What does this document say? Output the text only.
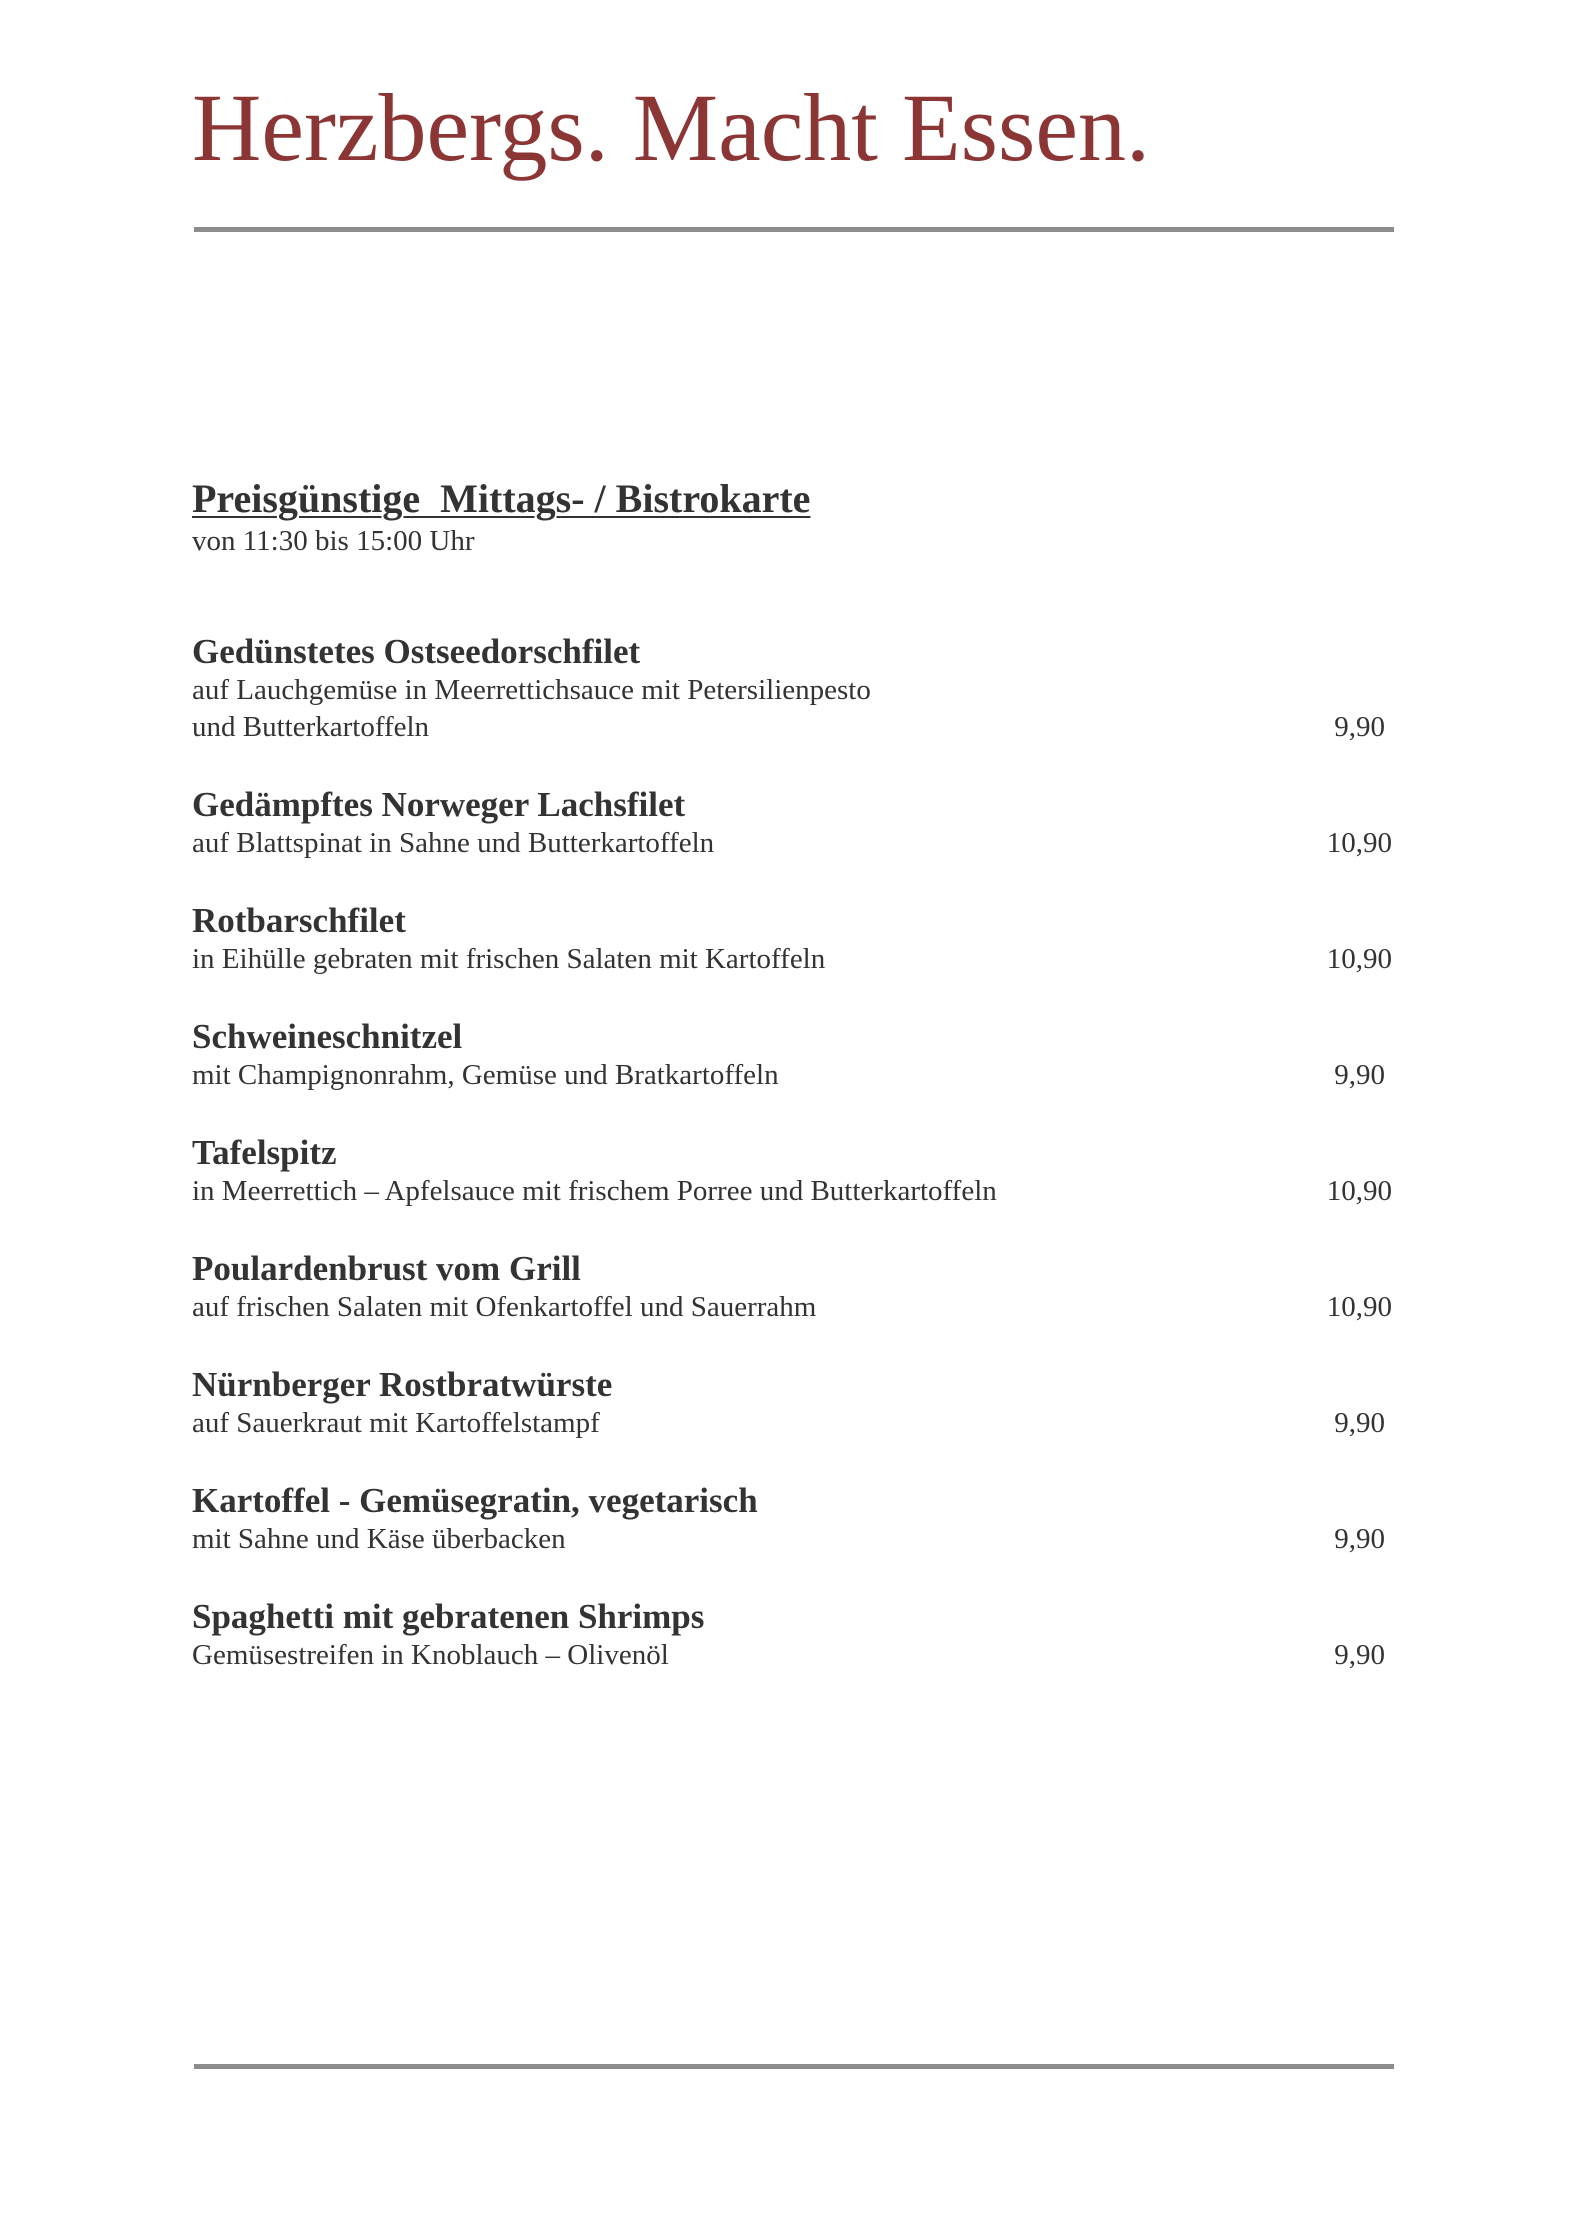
Herzbergs. Macht Essen.
Preisgünstige  Mittags- / Bistrokarte

von 11:30 bis 15:00 Uhr

Gedünstetes Ostseedorschfilet

auf Lauchgemüse in Meerrettichsauce mit Petersilienpesto
und Butterkartoffeln	9,90

Gedämpftes Norweger Lachsfilet

auf Blattspinat in Sahne und Butterkartoffeln	10,90

Rotbarschfilet

in Eihülle gebraten mit frischen Salaten mit Kartoffeln	10,90

Schweineschnitzel

mit Champignonrahm, Gemüse und Bratkartoffeln	9,90

Tafelspitz

in Meerrettich – Apfelsauce mit frischem Porree und Butterkartoffeln	10,90

Poulardenbrust vom Grill

auf frischen Salaten mit Ofenkartoffel und Sauerrahm	10,90

Nürnberger Rostbratwürste

auf Sauerkraut mit Kartoffelstampf	9,90

Kartoffel - Gemüsegratin, vegetarisch

mit Sahne und Käse überbacken	9,90

Spaghetti mit gebratenen Shrimps

Gemüsestreifen in Knoblauch – Olivenöl	9,90
